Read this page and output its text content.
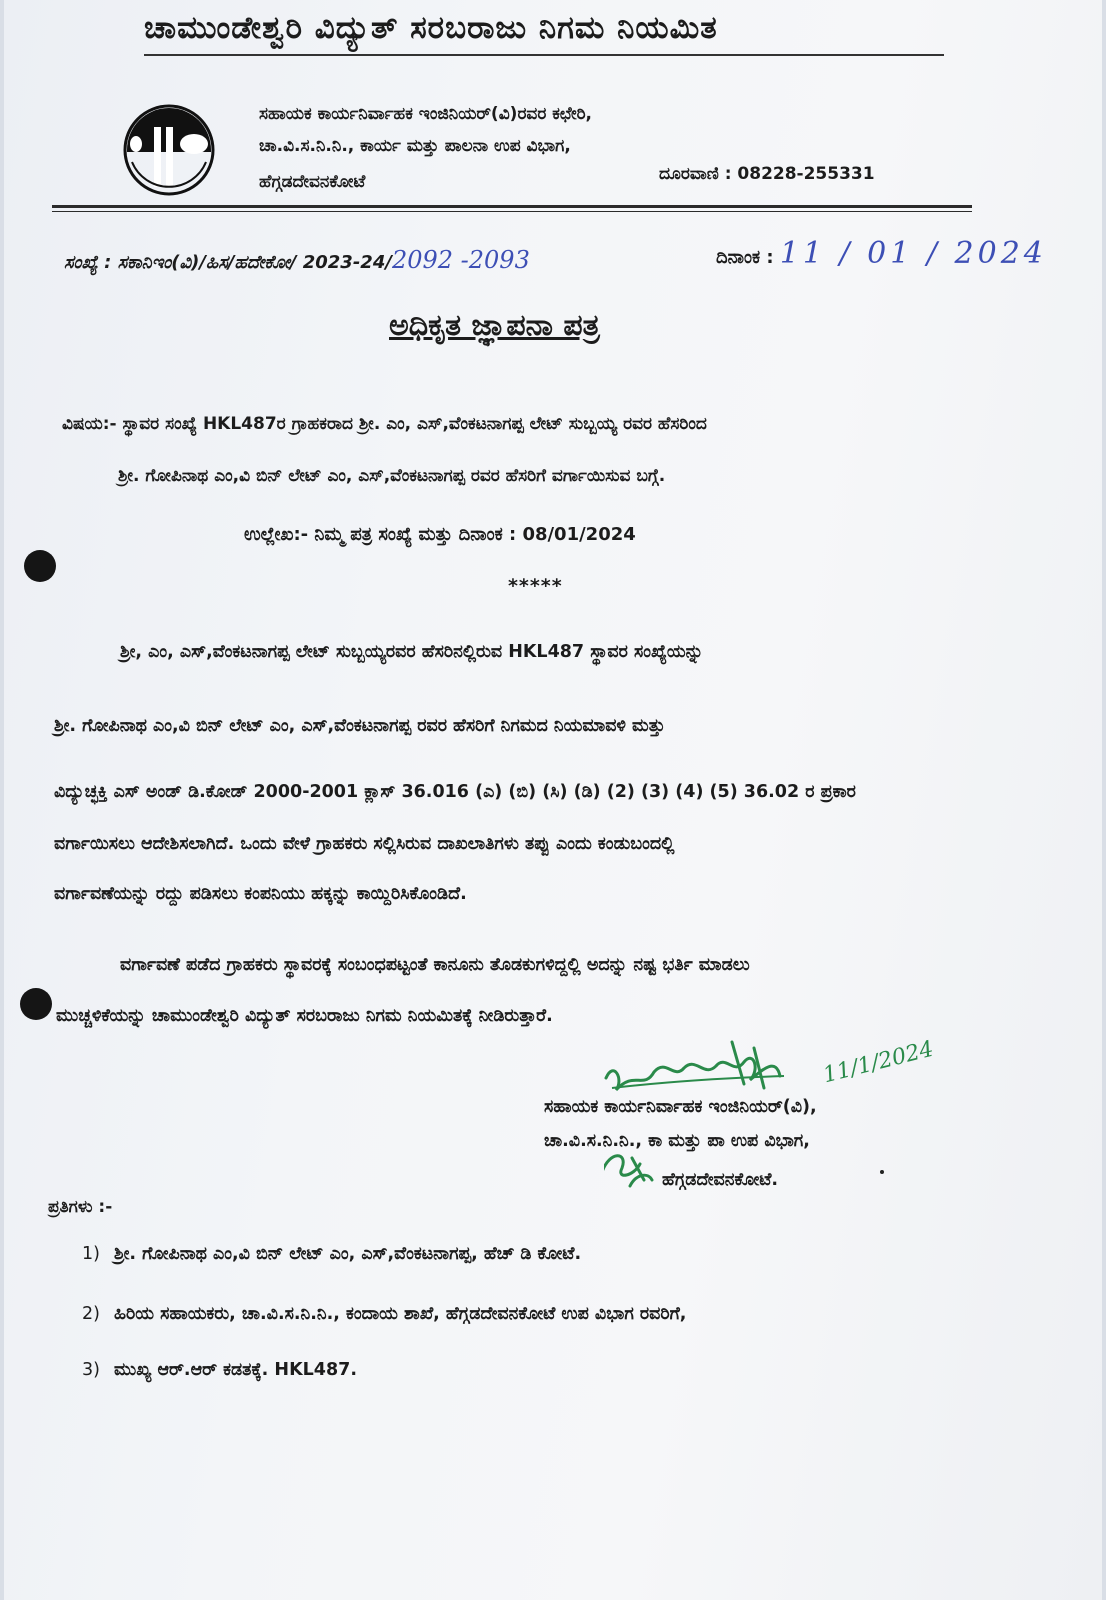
ಚಾಮುಂಡೇಶ್ವರಿ ವಿದ್ಯುತ್ ಸರಬರಾಜು ನಿಗಮ ನಿಯಮಿತ
ಸಹಾಯಕ ಕಾರ್ಯನಿರ್ವಾಹಕ ಇಂಜಿನಿಯರ್(ವಿ)ರವರ ಕಛೇರಿ,
ಚಾ.ವಿ.ಸ.ನಿ.ನಿ., ಕಾರ್ಯ ಮತ್ತು ಪಾಲನಾ ಉಪ ವಿಭಾಗ,
ಹೆಗ್ಗಡದೇವನಕೋಟೆ	ದೂರವಾಣಿ : 08228-255331
ಸಂಖ್ಯೆ : ಸಕಾನಿಇಂ(ವಿ)/ಹಿಸ/ಹದೇಕೋ/ 2023-24/2092 -2093	ದಿನಾಂಕ : 11 / 01 / 2024
ಅಧಿಕೃತ ಜ್ಞಾಪನಾ ಪತ್ರ
ವಿಷಯ:- ಸ್ಥಾವರ ಸಂಖ್ಯೆ HKL487ರ ಗ್ರಾಹಕರಾದ ಶ್ರೀ. ಎಂ, ಎಸ್,ವೆಂಕಟನಾಗಪ್ಪ ಲೇಟ್ ಸುಬ್ಬಯ್ಯ ರವರ ಹೆಸರಿಂದ
ಶ್ರೀ. ಗೋಪಿನಾಥ ಎಂ,ವಿ ಬಿನ್ ಲೇಟ್ ಎಂ, ಎಸ್,ವೆಂಕಟನಾಗಪ್ಪ ರವರ ಹೆಸರಿಗೆ ವರ್ಗಾಯಿಸುವ ಬಗ್ಗೆ.
ಉಲ್ಲೇಖ:- ನಿಮ್ಮ ಪತ್ರ ಸಂಖ್ಯೆ ಮತ್ತು ದಿನಾಂಕ : 08/01/2024
*****
ಶ್ರೀ, ಎಂ, ಎಸ್,ವೆಂಕಟನಾಗಪ್ಪ ಲೇಟ್ ಸುಬ್ಬಯ್ಯರವರ ಹೆಸರಿನಲ್ಲಿರುವ HKL487 ಸ್ಥಾವರ ಸಂಖ್ಯೆಯನ್ನು
ಶ್ರೀ. ಗೋಪಿನಾಥ ಎಂ,ವಿ ಬಿನ್ ಲೇಟ್ ಎಂ, ಎಸ್,ವೆಂಕಟನಾಗಪ್ಪ ರವರ ಹೆಸರಿಗೆ ನಿಗಮದ ನಿಯಮಾವಳಿ ಮತ್ತು
ವಿದ್ಯುಚ್ಛಕ್ತಿ ಎಸ್ ಅಂಡ್ ಡಿ.ಕೋಡ್ 2000-2001 ಕ್ಲಾಸ್ 36.016 (ಎ) (ಬಿ) (ಸಿ) (ಡಿ) (2) (3) (4) (5) 36.02 ರ ಪ್ರಕಾರ
ವರ್ಗಾಯಿಸಲು ಆದೇಶಿಸಲಾಗಿದೆ. ಒಂದು ವೇಳೆ ಗ್ರಾಹಕರು ಸಲ್ಲಿಸಿರುವ ದಾಖಲಾತಿಗಳು ತಪ್ಪು ಎಂದು ಕಂಡುಬಂದಲ್ಲಿ
ವರ್ಗಾವಣೆಯನ್ನು ರದ್ದು ಪಡಿಸಲು ಕಂಪನಿಯು ಹಕ್ಕನ್ನು ಕಾಯ್ದಿರಿಸಿಕೊಂಡಿದೆ.
ವರ್ಗಾವಣೆ ಪಡೆದ ಗ್ರಾಹಕರು ಸ್ಥಾವರಕ್ಕೆ ಸಂಬಂಧಪಟ್ಟಂತೆ ಕಾನೂನು ತೊಡಕುಗಳಿದ್ದಲ್ಲಿ ಅದನ್ನು ನಷ್ಟ ಭರ್ತಿ ಮಾಡಲು
ಮುಚ್ಚಳಿಕೆಯನ್ನು ಚಾಮುಂಡೇಶ್ವರಿ ವಿದ್ಯುತ್ ಸರಬರಾಜು ನಿಗಮ ನಿಯಮಿತಕ್ಕೆ ನೀಡಿರುತ್ತಾರೆ.
11/1/2024
ಸಹಾಯಕ ಕಾರ್ಯನಿರ್ವಾಹಕ ಇಂಜಿನಿಯರ್(ವಿ),
ಚಾ.ವಿ.ಸ.ನಿ.ನಿ., ಕಾ ಮತ್ತು ಪಾ ಉಪ ವಿಭಾಗ,
ಹೆಗ್ಗಡದೇವನಕೋಟೆ.
ಪ್ರತಿಗಳು :-
1) ಶ್ರೀ. ಗೋಪಿನಾಥ ಎಂ,ವಿ ಬಿನ್ ಲೇಟ್ ಎಂ, ಎಸ್,ವೆಂಕಟನಾಗಪ್ಪ, ಹೆಚ್ ಡಿ ಕೋಟೆ.
2) ಹಿರಿಯ ಸಹಾಯಕರು, ಚಾ.ವಿ.ಸ.ನಿ.ನಿ., ಕಂದಾಯ ಶಾಖೆ, ಹೆಗ್ಗಡದೇವನಕೋಟೆ ಉಪ ವಿಭಾಗ ರವರಿಗೆ,
3) ಮುಖ್ಯ ಆರ್.ಆರ್ ಕಡತಕ್ಕೆ. HKL487.
